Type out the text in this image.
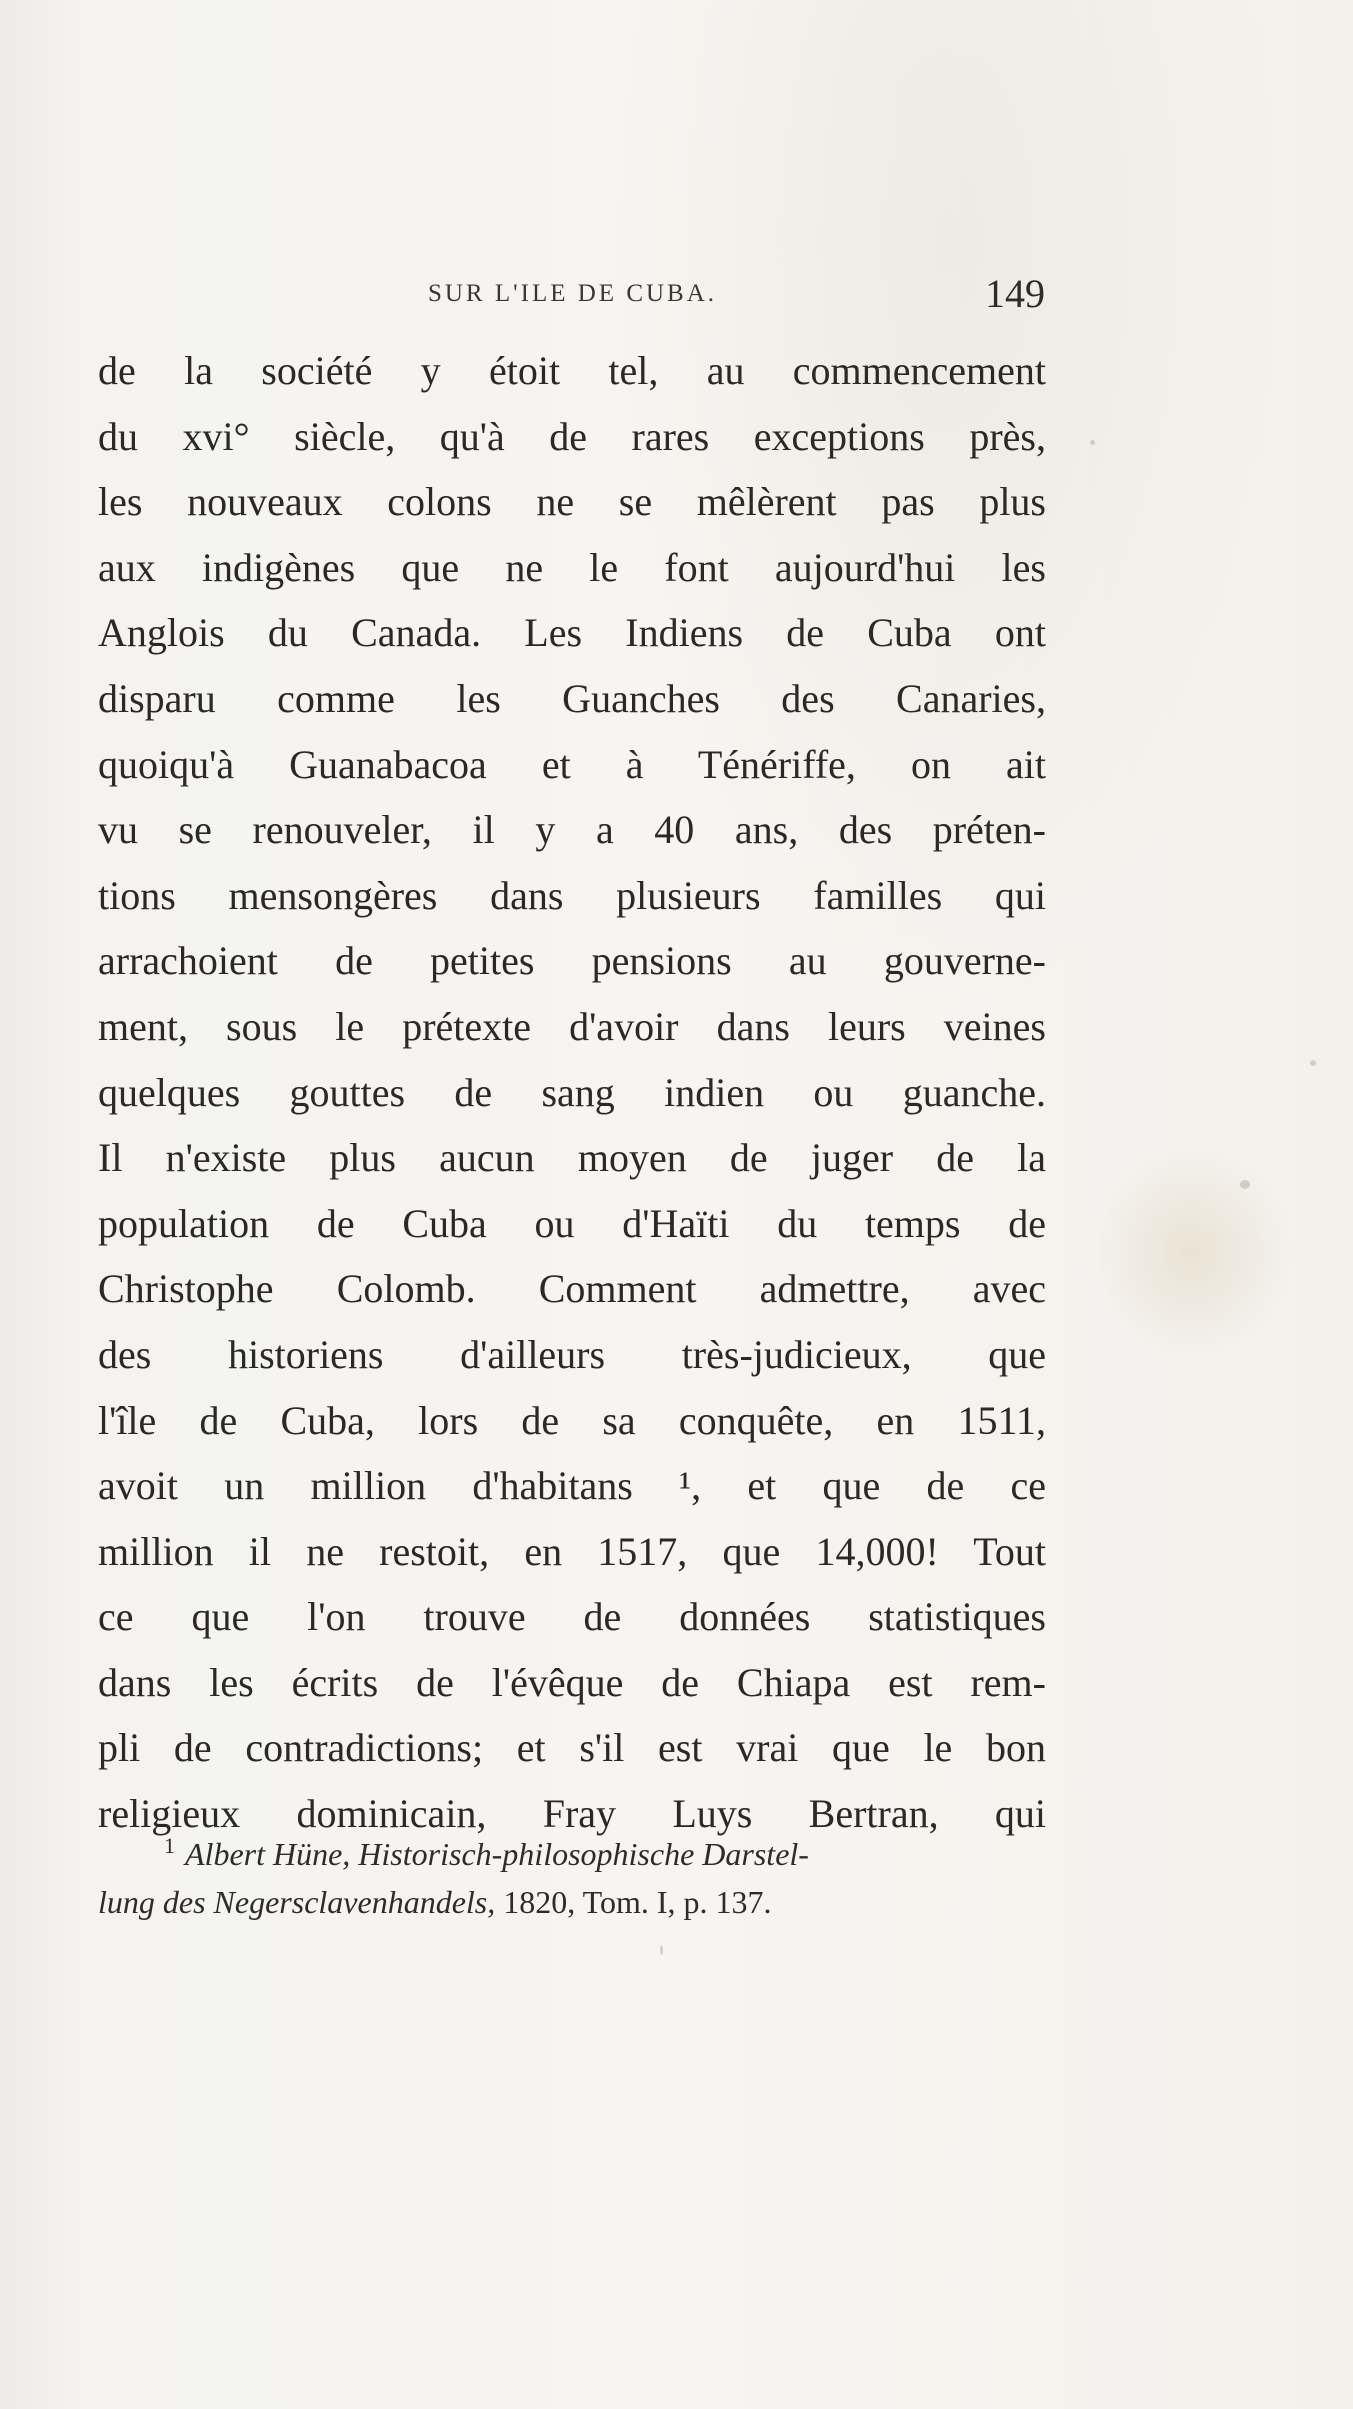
SUR L'ILE DE CUBA.	149
de la société y étoit tel, au commencement
du xvi° siècle, qu'à de rares exceptions près,
les nouveaux colons ne se mêlèrent pas plus
aux indigènes que ne le font aujourd'hui les
Anglois du Canada. Les Indiens de Cuba ont
disparu comme les Guanches des Canaries,
quoiqu'à Guanabacoa et à Ténériffe, on ait
vu se renouveler, il y a 40 ans, des préten-
tions mensongères dans plusieurs familles qui
arrachoient de petites pensions au gouverne-
ment, sous le prétexte d'avoir dans leurs veines
quelques gouttes de sang indien ou guanche.
Il n'existe plus aucun moyen de juger de la
population de Cuba ou d'Haïti du temps de
Christophe Colomb. Comment admettre, avec
des historiens d'ailleurs très-judicieux, que
l'île de Cuba, lors de sa conquête, en 1511,
avoit un million d'habitans ¹, et que de ce
million il ne restoit, en 1517, que 14,000! Tout
ce que l'on trouve de données statistiques
dans les écrits de l'évêque de Chiapa est rem-
pli de contradictions; et s'il est vrai que le bon
religieux dominicain, Fray Luys Bertran, qui
$^1$ Albert Hüne, Historisch-philosophische Darstel-
lung des Negersclavenhandels, 1820, Tom. I, p. 137.
